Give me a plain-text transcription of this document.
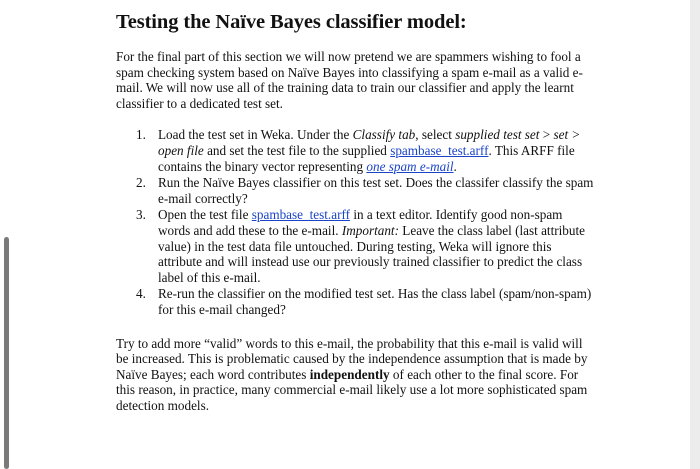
Testing the Naïve Bayes classifier model:

For the final part of this section we will now pretend we are spammers wishing to fool a spam checking system based on Naïve Bayes into classifying a spam e-mail as a valid e-mail. We will now use all of the training data to train our classifier and apply the learnt classifier to a dedicated test set.

1. Load the test set in Weka. Under the Classify tab, select supplied test set > set > open file and set the test file to the supplied spambase_test.arff. This ARFF file contains the binary vector representing one spam e-mail.
2. Run the Naïve Bayes classifier on this test set. Does the classifer classify the spam e-mail correctly?
3. Open the test file spambase_test.arff in a text editor. Identify good non-spam words and add these to the e-mail. Important: Leave the class label (last attribute value) in the test data file untouched. During testing, Weka will ignore this attribute and will instead use our previously trained classifier to predict the class label of this e-mail.
4. Re-run the classifier on the modified test set. Has the class label (spam/non-spam) for this e-mail changed?

Try to add more “valid” words to this e-mail, the probability that this e-mail is valid will be increased. This is problematic caused by the independence assumption that is made by Naïve Bayes; each word contributes independently of each other to the final score. For this reason, in practice, many commercial e-mail likely use a lot more sophisticated spam detection models.
